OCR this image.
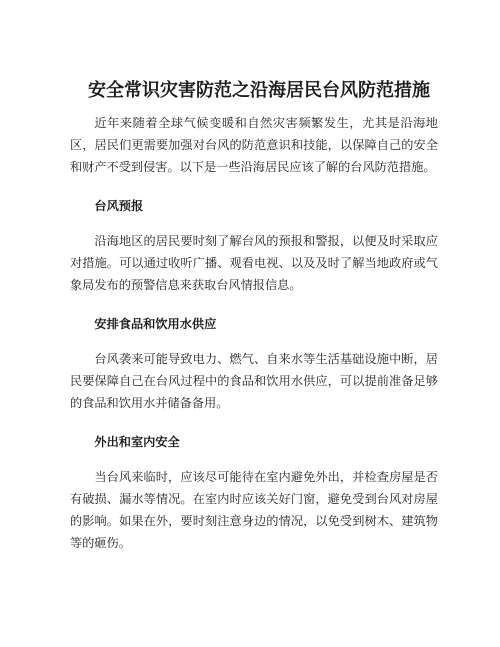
安全常识灾害防范之沿海居民台风防范措施

近年来随着全球气候变暖和自然灾害频繁发生，尤其是沿海地区，居民们更需要加强对台风的防范意识和技能，以保障自己的安全和财产不受到侵害。以下是一些沿海居民应该了解的台风防范措施。

台风预报

沿海地区的居民要时刻了解台风的预报和警报，以便及时采取应对措施。可以通过收听广播、观看电视、以及及时了解当地政府或气象局发布的预警信息来获取台风情报信息。

安排食品和饮用水供应

台风袭来可能导致电力、燃气、自来水等生活基础设施中断，居民要保障自己在台风过程中的食品和饮用水供应，可以提前准备足够的食品和饮用水并储备备用。

外出和室内安全

当台风来临时，应该尽可能待在室内避免外出，并检查房屋是否有破损、漏水等情况。在室内时应该关好门窗，避免受到台风对房屋的影响。如果在外，要时刻注意身边的情况，以免受到树木、建筑物等的砸伤。
